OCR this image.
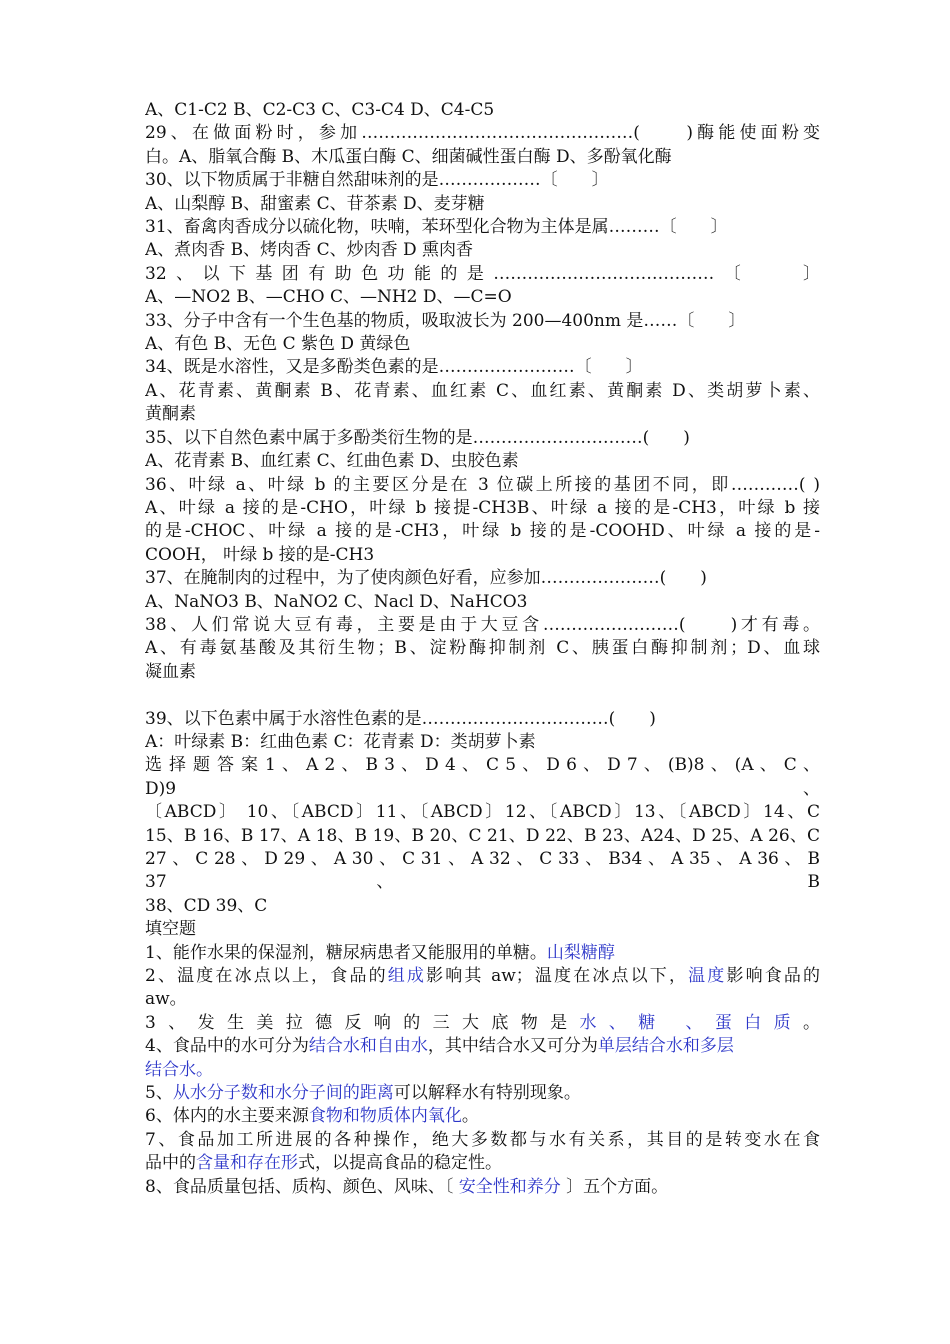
A、C1-C2 B、C2-C3 C、C3-C4 D、C4-C5
29、在做面粉时，参加…………………………………………(　　)酶能使面粉变
白。A、脂氧合酶 B、木瓜蛋白酶 C、细菌碱性蛋白酶 D、多酚氧化酶
30、以下物质属于非糖自然甜味剂的是………………〔　　〕
A、山梨醇 B、甜蜜素 C、苷茶素 D、麦芽糖
31、畜禽肉香成分以硫化物，呋喃，苯环型化合物为主体是属………〔　　〕
A、煮肉香 B、烤肉香 C、炒肉香 D 熏肉香
32、以下基团有助色功能的是…………………………………〔　　〕
A、—NO2 B、—CHO C、—NH2 D、—C=O
33、分子中含有一个生色基的物质，吸取波长为 200—400nm 是……〔　　〕
A、有色 B、无色 C 紫色 D 黄绿色
34、既是水溶性，又是多酚类色素的是……………………〔　　〕
A、花青素、黄酮素 B、花青素、血红素 C、血红素、黄酮素 D、类胡萝卜素、
黄酮素
35、以下自然色素中属于多酚类衍生物的是…………………………(　　)
A、花青素 B、血红素 C、红曲色素 D、虫胶色素
36、叶绿 a、叶绿 b 的主要区分是在 3 位碳上所接的基团不同，即…………( )
A、叶绿 a 接的是-CHO，叶绿 b 接提-CH3B、叶绿 a 接的是-CH3，叶绿 b 接
的是-CHOC、叶绿 a 接的是-CH3，叶绿 b 接的是-COOHD、叶绿 a 接的是-
COOH， 叶绿 b 接的是-CH3
37、在腌制肉的过程中，为了使肉颜色好看，应参加…………………(　　)
A、NaNO3 B、NaNO2 C、Nacl D、NaHCO3
38、人们常说大豆有毒，主要是由于大豆含……………………(　　)才有毒。
A、有毒氨基酸及其衍生物；B、淀粉酶抑制剂 C、胰蛋白酶抑制剂；D、血球
凝血素
39、以下色素中属于水溶性色素的是……………………………(　　)
A：叶绿素 B：红曲色素 C：花青素 D：类胡萝卜素
选 择 题 答 案 1 、 A 2 、 B 3 、 D 4 、 C 5 、 D 6 、 D 7 、 (B)8 、 (A 、 C 、 D)9 、
〔ABCD〕 10、〔ABCD〕11、〔ABCD〕12、〔ABCD〕13、〔ABCD〕14、C
15、B 16、B 17、A 18、B 19、B 20、C 21、D 22、B 23、A24、D 25、A 26、C
27 、 C 28 、 D 29 、 A 30 、 C 31 、 A 32 、 C 33 、 B34 、 A 35 、 A 36 、 B 37 、 B
38、CD 39、C
填空题
1、能作水果的保湿剂，糖尿病患者又能服用的单糖。山梨糖醇
2、温度在冰点以上，食品的组成影响其 aw；温度在冰点以下，温度影响食品的
aw。
3、发生美拉德反响的三大底物是水、糖 、蛋白质。
4、食品中的水可分为结合水和自由水，其中结合水又可分为单层结合水和多层
结合水。
5、从水分子数和水分子间的距离可以解释水有特别现象。
6、体内的水主要来源食物和物质体内氧化。
7、食品加工所进展的各种操作，绝大多数都与水有关系，其目的是转变水在食
品中的含量和存在形式，以提高食品的稳定性。
8、食品质量包括、质构、颜色、风味、〔 安全性和养分 〕五个方面。
